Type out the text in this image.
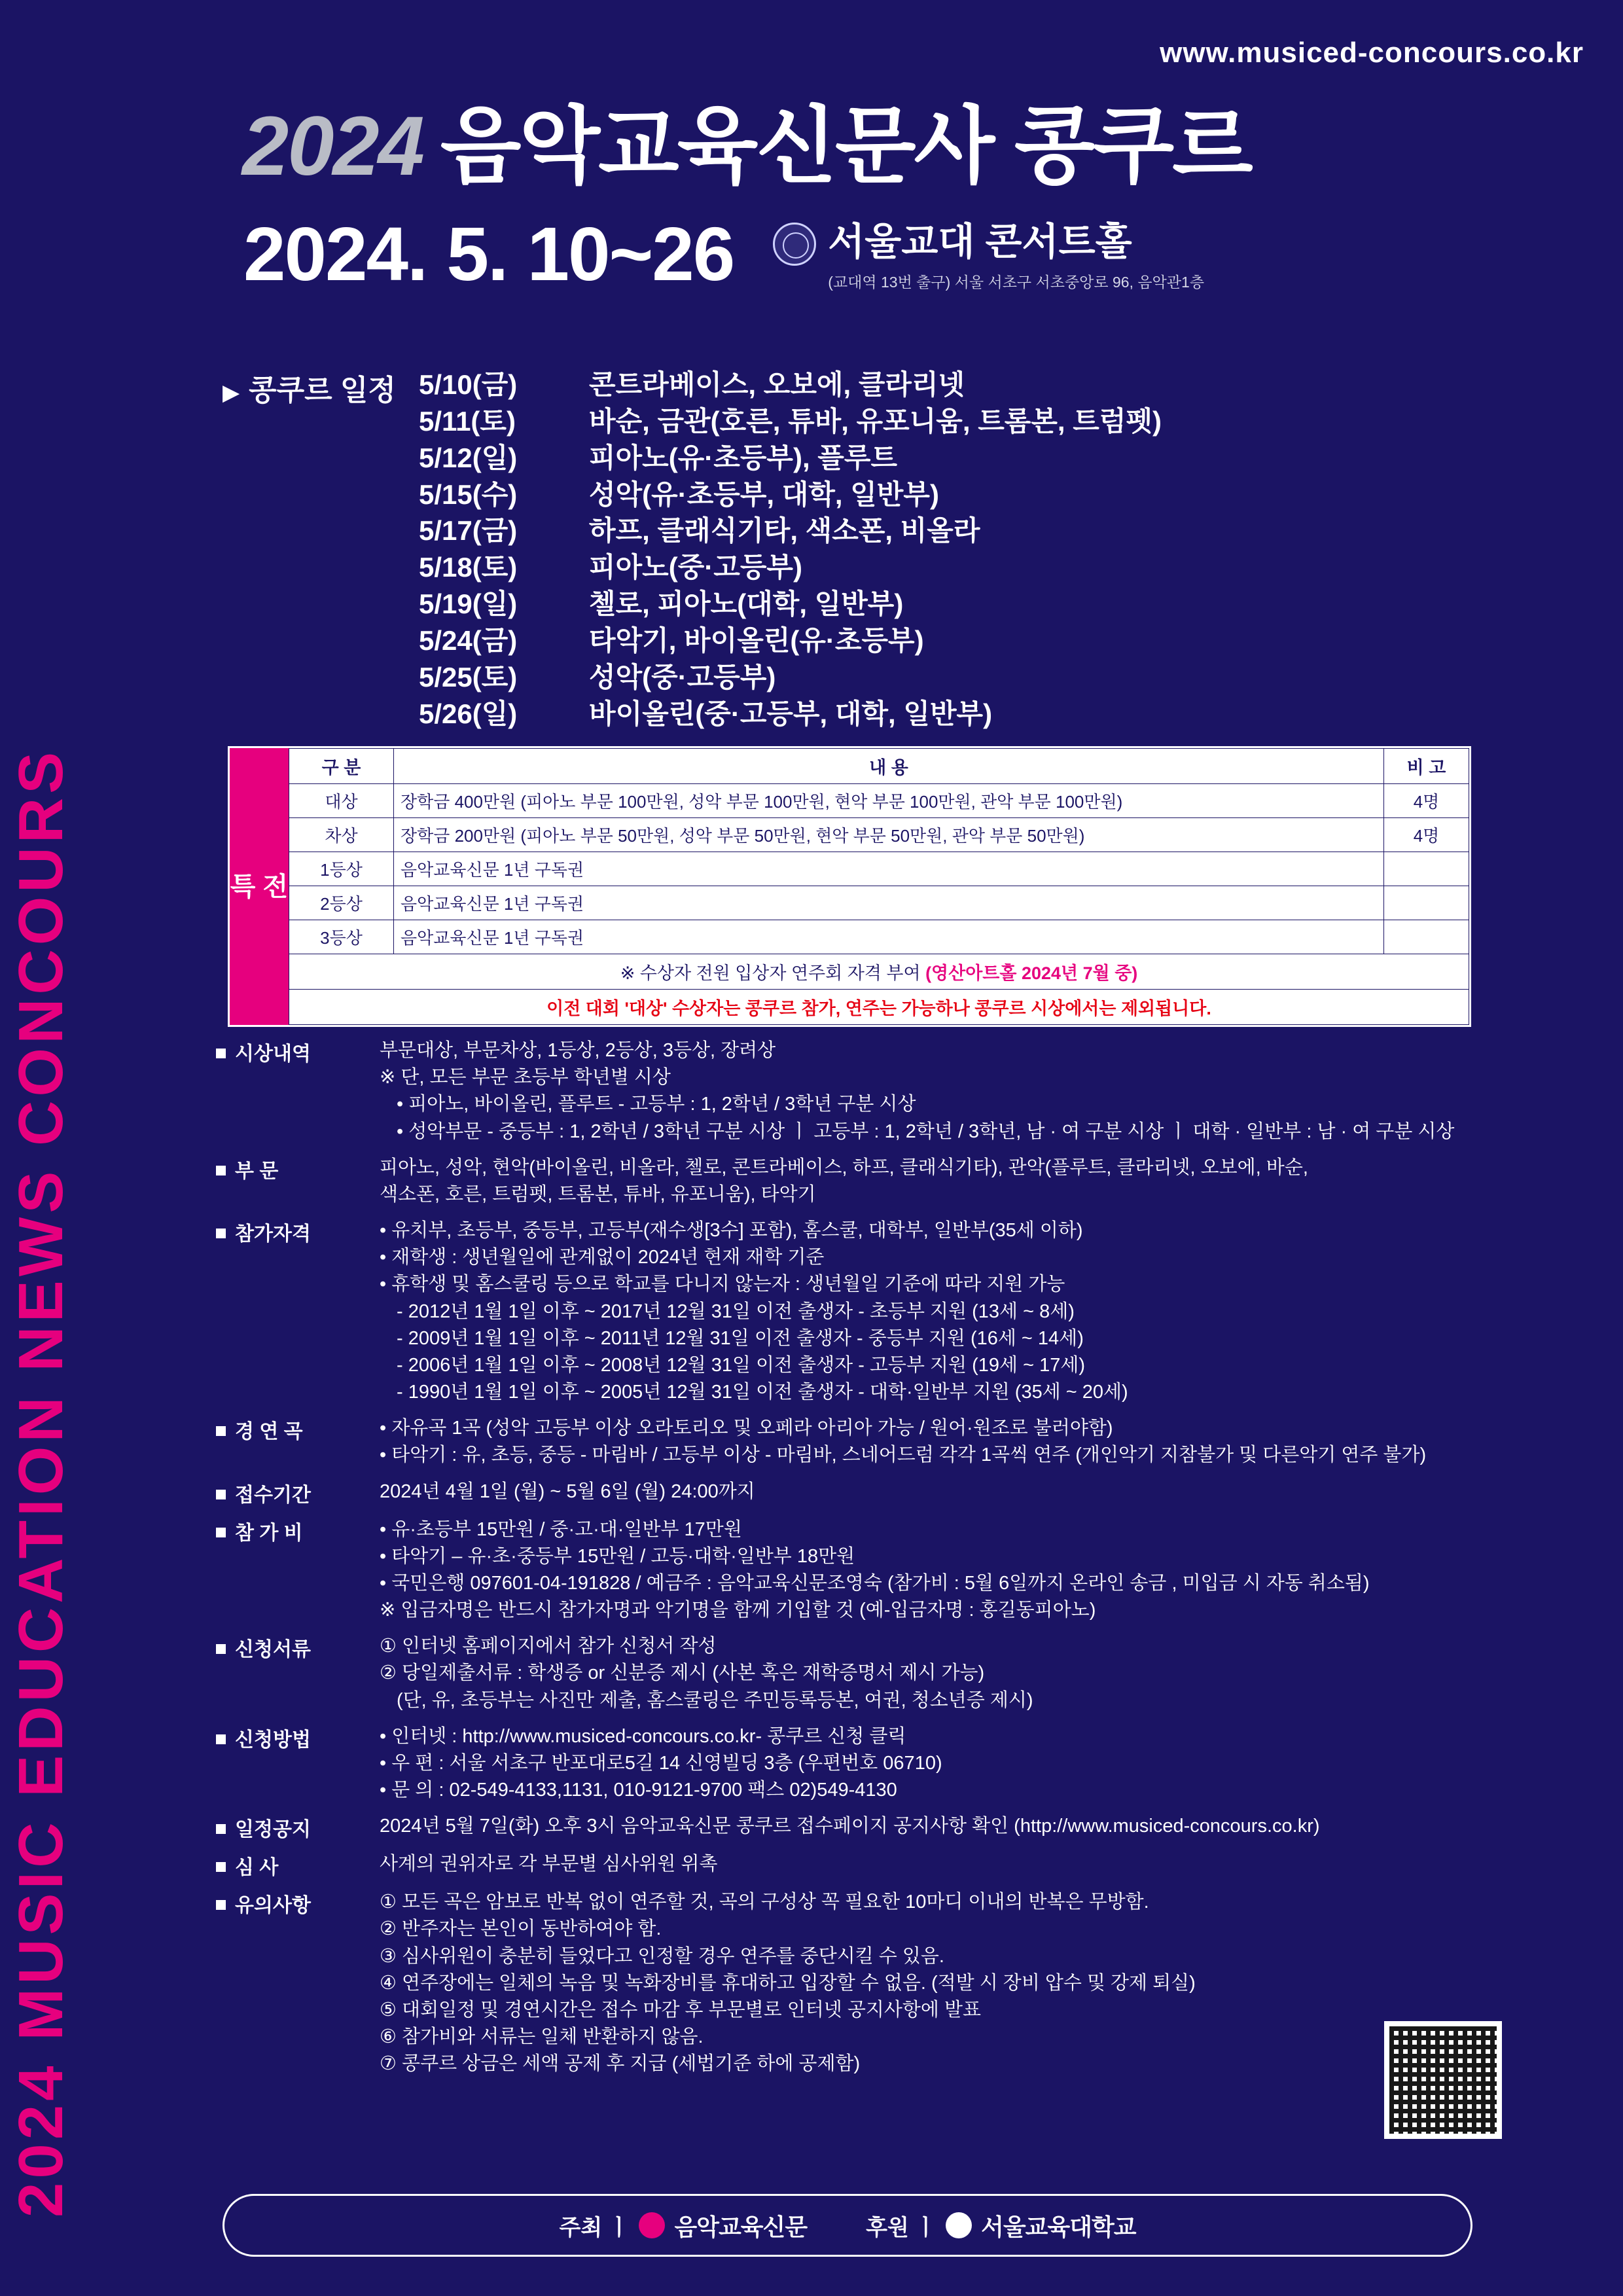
2024 MUSIC EDUCATION NEWS CONCOURS
www.musiced-concours.co.kr
2024 음악교육신문사 콩쿠르
2024. 5. 10~26 서울교대 콘서트홀
(교대역 13번 출구) 서울 서초구 서초중앙로 96, 음악관1층
▶ 콩쿠르 일정 5/10(금)	콘트라베이스, 오보에, 클라리넷
5/11(토)	바순, 금관(호른, 튜바, 유포니움, 트롬본, 트럼펫)
5/12(일)	피아노(유·초등부), 플루트
5/15(수)	성악(유·초등부, 대학, 일반부)
5/17(금)	하프, 클래식기타, 색소폰, 비올라
5/18(토)	피아노(중·고등부)
5/19(일)	첼로, 피아노(대학, 일반부)
5/24(금)	타악기, 바이올린(유·초등부)
5/25(토)	성악(중·고등부)
5/26(일)	바이올린(중·고등부, 대학, 일반부)
특 전
구 분	내 용	비 고
대상	장학금 400만원 (피아노 부문 100만원, 성악 부문 100만원, 현악 부문 100만원, 관악 부문 100만원)	4명
차상	장학금 200만원 (피아노 부문 50만원, 성악 부문 50만원, 현악 부문 50만원, 관악 부문 50만원)	4명
1등상	음악교육신문 1년 구독권	
2등상	음악교육신문 1년 구독권	
3등상	음악교육신문 1년 구독권	
※ 수상자 전원 입상자 연주회 자격 부여 (영산아트홀 2024년 7월 중)		
이전 대회 '대상' 수상자는 콩쿠르 참가, 연주는 가능하나 콩쿠르 시상에서는 제외됩니다.		
시상내역	부문대상, 부문차상, 1등상, 2등상, 3등상, 장려상
※ 단, 모든 부문 초등부 학년별 시상
• 피아노, 바이올린, 플루트 - 고등부 : 1, 2학년 / 3학년 구분 시상
• 성악부문 - 중등부 : 1, 2학년 / 3학년 구분 시상 ㅣ 고등부 : 1, 2학년 / 3학년, 남 · 여 구분 시상 ㅣ 대학 · 일반부 : 남 · 여 구분 시상
부 문	피아노, 성악, 현악(바이올린, 비올라, 첼로, 콘트라베이스, 하프, 클래식기타), 관악(플루트, 클라리넷, 오보에, 바순,
색소폰, 호른, 트럼펫, 트롬본, 튜바, 유포니움), 타악기
참가자격	• 유치부, 초등부, 중등부, 고등부(재수생[3수] 포함), 홈스쿨, 대학부, 일반부(35세 이하)
• 재학생 : 생년월일에 관계없이 2024년 현재 재학 기준
• 휴학생 및 홈스쿨링 등으로 학교를 다니지 않는자 : 생년월일 기준에 따라 지원 가능
- 2012년 1월 1일 이후 ~ 2017년 12월 31일 이전 출생자 - 초등부 지원 (13세 ~ 8세)
- 2009년 1월 1일 이후 ~ 2011년 12월 31일 이전 출생자 - 중등부 지원 (16세 ~ 14세)
- 2006년 1월 1일 이후 ~ 2008년 12월 31일 이전 출생자 - 고등부 지원 (19세 ~ 17세)
- 1990년 1월 1일 이후 ~ 2005년 12월 31일 이전 출생자 - 대학·일반부 지원 (35세 ~ 20세)
경 연 곡	• 자유곡 1곡 (성악 고등부 이상 오라토리오 및 오페라 아리아 가능 / 원어·원조로 불러야함)
• 타악기 : 유, 초등, 중등 - 마림바 / 고등부 이상 - 마림바, 스네어드럼 각각 1곡씩 연주 (개인악기 지참불가 및 다른악기 연주 불가)
접수기간	2024년 4월 1일 (월) ~ 5월 6일 (월) 24:00까지
참 가 비	• 유·초등부 15만원 / 중·고·대·일반부 17만원
• 타악기 – 유·초·중등부 15만원 / 고등·대학·일반부 18만원
• 국민은행 097601-04-191828 / 예금주 : 음악교육신문조영숙 (참가비 : 5월 6일까지 온라인 송금 , 미입금 시 자동 취소됨)
※ 입금자명은 반드시 참가자명과 악기명을 함께 기입할 것 (예-입금자명 : 홍길동피아노)
신청서류	① 인터넷 홈페이지에서 참가 신청서 작성
② 당일제출서류 : 학생증 or 신분증 제시 (사본 혹은 재학증명서 제시 가능)
(단, 유, 초등부는 사진만 제출, 홈스쿨링은 주민등록등본, 여권, 청소년증 제시)
신청방법	• 인터넷 : http://www.musiced-concours.co.kr- 콩쿠르 신청 클릭
• 우 편 : 서울 서초구 반포대로5길 14 신영빌딩 3층 (우편번호 06710)
• 문 의 : 02-549-4133,1131, 010-9121-9700 팩스 02)549-4130
일정공지	2024년 5월 7일(화) 오후 3시 음악교육신문 콩쿠르 접수페이지 공지사항 확인 (http://www.musiced-concours.co.kr)
심 사	사계의 권위자로 각 부문별 심사위원 위촉
유의사항	① 모든 곡은 암보로 반복 없이 연주할 것, 곡의 구성상 꼭 필요한 10마디 이내의 반복은 무방함.
② 반주자는 본인이 동반하여야 함.
③ 심사위원이 충분히 들었다고 인정할 경우 연주를 중단시킬 수 있음.
④ 연주장에는 일체의 녹음 및 녹화장비를 휴대하고 입장할 수 없음. (적발 시 장비 압수 및 강제 퇴실)
⑤ 대회일정 및 경연시간은 접수 마감 후 부문별로 인터넷 공지사항에 발표
⑥ 참가비와 서류는 일체 반환하지 않음.
⑦ 콩쿠르 상금은 세액 공제 후 지급 (세법기준 하에 공제함)
주최 ㅣ 음악교육신문	후원 ㅣ 서울교육대학교
